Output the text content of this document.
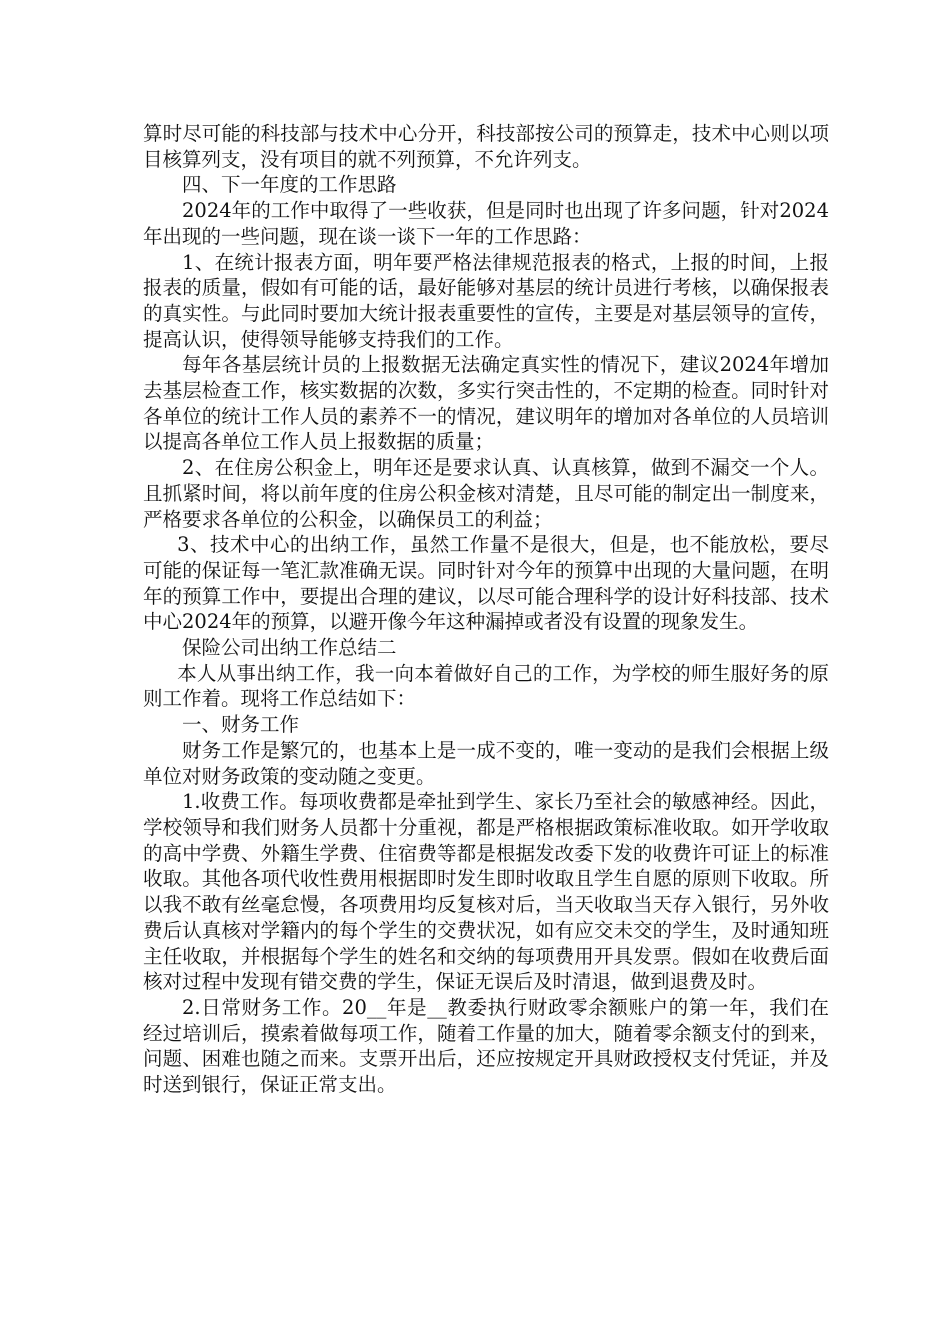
算时尽可能的科技部与技术中心分开，科技部按公司的预算走，技术中心则以项目核算列支，没有项目的就不列预算，不允许列支。

四、下一年度的工作思路

2024年的工作中取得了一些收获，但是同时也出现了许多问题，针对2024年出现的一些问题，现在谈一谈下一年的工作思路：

1、在统计报表方面，明年要严格法律规范报表的格式，上报的时间，上报报表的质量，假如有可能的话，最好能够对基层的统计员进行考核，以确保报表的真实性。与此同时要加大统计报表重要性的宣传，主要是对基层领导的宣传，提高认识，使得领导能够支持我们的工作。

每年各基层统计员的上报数据无法确定真实性的情况下，建议2024年增加去基层检查工作，核实数据的次数，多实行突击性的，不定期的检查。同时针对各单位的统计工作人员的素养不一的情况，建议明年的增加对各单位的人员培训以提高各单位工作人员上报数据的质量；

2、在住房公积金上，明年还是要求认真、认真核算，做到不漏交一个人。且抓紧时间，将以前年度的住房公积金核对清楚，且尽可能的制定出一制度来，严格要求各单位的公积金，以确保员工的利益；

3、技术中心的出纳工作，虽然工作量不是很大，但是，也不能放松，要尽可能的保证每一笔汇款准确无误。同时针对今年的预算中出现的大量问题，在明年的预算工作中，要提出合理的建议，以尽可能合理科学的设计好科技部、技术中心2024年的预算，以避开像今年这种漏掉或者没有设置的现象发生。

保险公司出纳工作总结二

本人从事出纳工作，我一向本着做好自己的工作，为学校的师生服好务的原则工作着。现将工作总结如下：

一、财务工作

财务工作是繁冗的，也基本上是一成不变的，唯一变动的是我们会根据上级单位对财务政策的变动随之变更。

1.收费工作。每项收费都是牵扯到学生、家长乃至社会的敏感神经。因此，学校领导和我们财务人员都十分重视，都是严格根据政策标准收取。如开学收取的高中学费、外籍生学费、住宿费等都是根据发改委下发的收费许可证上的标准收取。其他各项代收性费用根据即时发生即时收取且学生自愿的原则下收取。所以我不敢有丝毫怠慢，各项费用均反复核对后，当天收取当天存入银行，另外收费后认真核对学籍内的每个学生的交费状况，如有应交未交的学生，及时通知班主任收取，并根据每个学生的姓名和交纳的每项费用开具发票。假如在收费后面核对过程中发现有错交费的学生，保证无误后及时清退，做到退费及时。

2.日常财务工作。20__年是__教委执行财政零余额账户的第一年，我们在经过培训后，摸索着做每项工作，随着工作量的加大，随着零余额支付的到来，问题、困难也随之而来。支票开出后，还应按规定开具财政授权支付凭证，并及时送到银行，保证正常支出。
